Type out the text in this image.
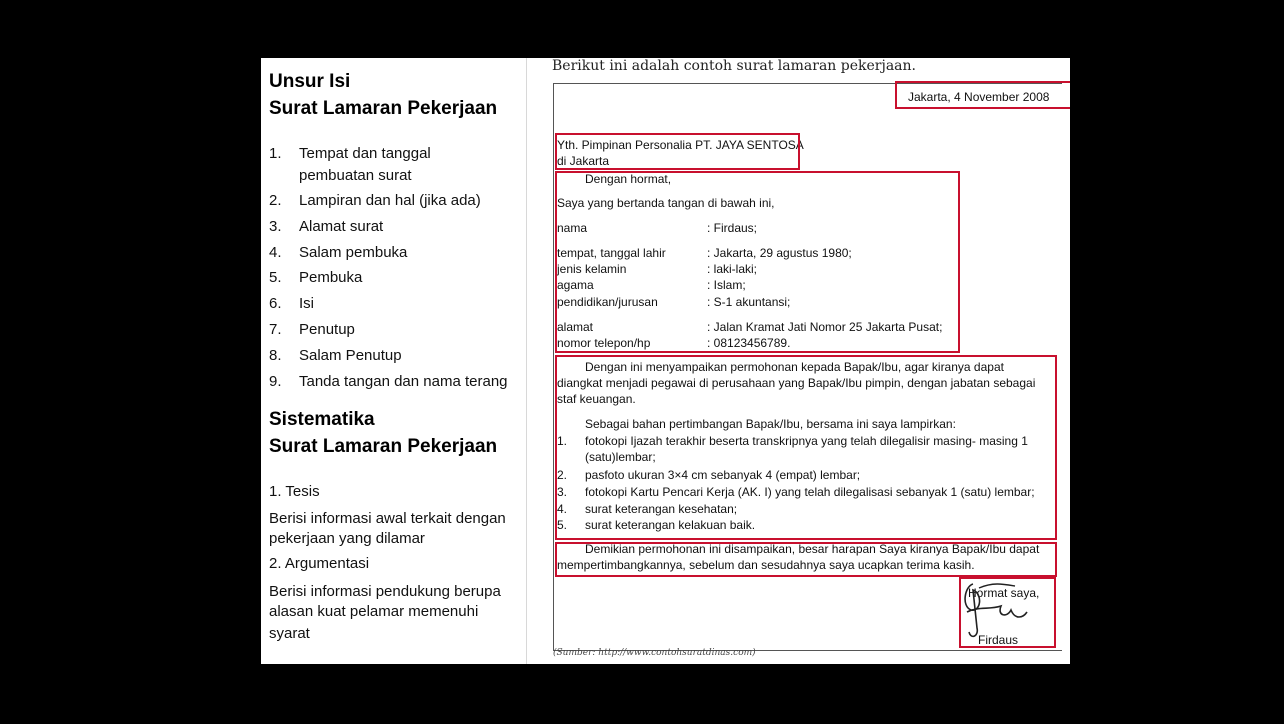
Unsur Isi
Surat Lamaran Pekerjaan
1. Tempat dan tanggal
pembuatan surat
2. Lampiran dan hal (jika ada)
3. Alamat surat
4. Salam pembuka
5. Pembuka
6. Isi
7. Penutup
8. Salam Penutup
9. Tanda tangan dan nama terang
Sistematika
Surat Lamaran Pekerjaan
1. Tesis
Berisi informasi awal terkait dengan
pekerjaan yang dilamar
2. Argumentasi
Berisi informasi pendukung berupa
alasan kuat pelamar memenuhi
syarat
Berikut ini adalah contoh surat lamaran pekerjaan.
Jakarta, 4 November 2008
Yth. Pimpinan Personalia PT. JAYA SENTOSA
di Jakarta
Dengan hormat,
Saya yang bertanda tangan di bawah ini,
nama	: Firdaus;
tempat, tanggal lahir	: Jakarta, 29 agustus 1980;
jenis kelamin	: laki-laki;
agama	: Islam;
pendidikan/jurusan	: S-1 akuntansi;
alamat	: Jalan Kramat Jati Nomor 25 Jakarta Pusat;
nomor telepon/hp	: 08123456789.
Dengan ini menyampaikan permohonan kepada Bapak/Ibu, agar kiranya dapat
diangkat menjadi pegawai di perusahaan yang Bapak/Ibu pimpin, dengan jabatan sebagai
staf keuangan.
Sebagai bahan pertimbangan Bapak/Ibu, bersama ini saya lampirkan:
1. fotokopi Ijazah terakhir beserta transkripnya yang telah dilegalisir masing- masing 1
(satu)lembar;
2. pasfoto ukuran 3×4 cm sebanyak 4 (empat) lembar;
3. fotokopi Kartu Pencari Kerja (AK. I) yang telah dilegalisasi sebanyak 1 (satu) lembar;
4. surat keterangan kesehatan;
5. surat keterangan kelakuan baik.
Demikian permohonan ini disampaikan, besar harapan Saya kiranya Bapak/Ibu dapat
mempertimbangkannya, sebelum dan sesudahnya saya ucapkan terima kasih.
Hormat saya,
Firdaus
(Sumber: http://www.contohsuratdinas.com)
